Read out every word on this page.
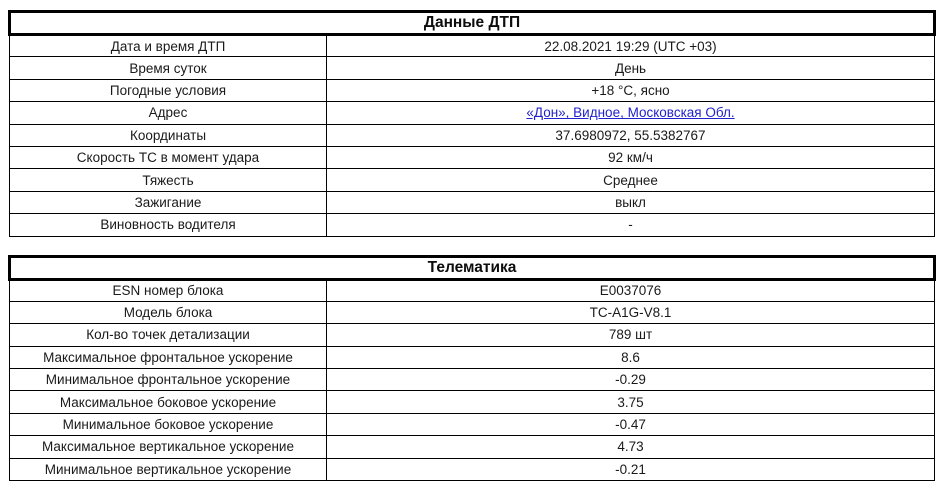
Данные ДТП	
Дата и время ДТП	22.08.2021 19:29 (UTC +03)
Время суток	День
Погодные условия	+18 °C, ясно
Адрес	«Дон», Видное, Московская Обл.
Координаты	37.6980972, 55.5382767
Скорость ТС в момент удара	92 км/ч
Тяжесть	Среднее
Зажигание	выкл
Виновность водителя	-
Телематика	
ESN номер блока	E0037076
Модель блока	TC-A1G-V8.1
Кол-во точек детализации	789 шт
Максимальное фронтальное ускорение	8.6
Минимальное фронтальное ускорение	-0.29
Максимальное боковое ускорение	3.75
Минимальное боковое ускорение	-0.47
Максимальное вертикальное ускорение	4.73
Минимальное вертикальное ускорение	-0.21
